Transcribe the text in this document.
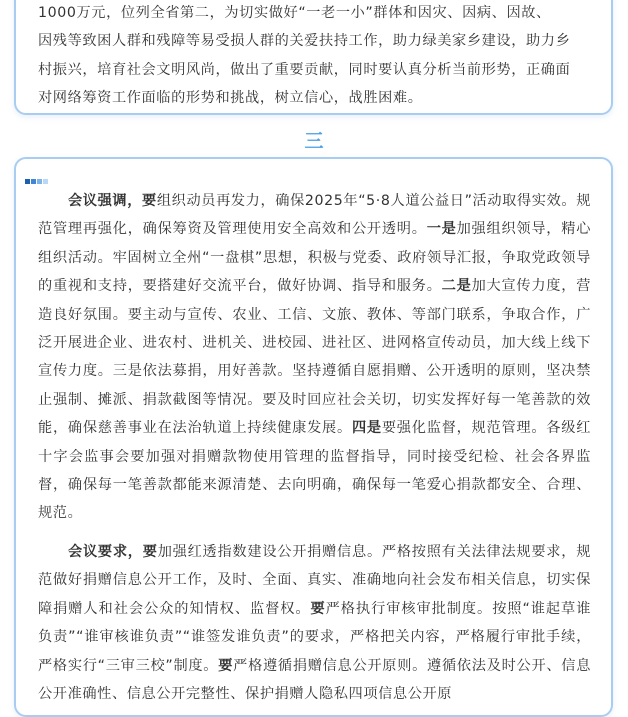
1000万元，位列全省第二，为切实做好“一老一小”群体和因灾、因病、因故、
因残等致困人群和残障等易受损人群的关爱扶持工作，助力绿美家乡建设，助力乡
村振兴，培育社会文明风尚，做出了重要贡献，同时要认真分析当前形势，正确面
对网络筹资工作面临的形势和挑战，树立信心，战胜困难。

三

会议强调，要组织动员再发力，确保2025年“5·8人道公益日”活动取得实效。规范管理再强化，确保筹资及管理使用安全高效和公开透明。一是加强组织领导，精心组织活动。牢固树立全州“一盘棋”思想，积极与党委、政府领导汇报，争取党政领导的重视和支持，要搭建好交流平台，做好协调、指导和服务。二是加大宣传力度，营造良好氛围。要主动与宣传、农业、工信、文旅、教体、等部门联系，争取合作，广泛开展进企业、进农村、进机关、进校园、进社区、进网格宣传动员，加大线上线下宣传力度。三是依法募捐，用好善款。坚持遵循自愿捐赠、公开透明的原则，坚决禁止强制、摊派、捐款截图等情况。要及时回应社会关切，切实发挥好每一笔善款的效能，确保慈善事业在法治轨道上持续健康发展。四是要强化监督，规范管理。各级红十字会监事会要加强对捐赠款物使用管理的监督指导，同时接受纪检、社会各界监督，确保每一笔善款都能来源清楚、去向明确，确保每一笔爱心捐款都安全、合理、规范。

会议要求，要加强红透指数建设公开捐赠信息。严格按照有关法律法规要求，规范做好捐赠信息公开工作，及时、全面、真实、准确地向社会发布相关信息，切实保障捐赠人和社会公众的知情权、监督权。要严格执行审核审批制度。按照“谁起草谁负责”“谁审核谁负责”“谁签发谁负责”的要求，严格把关内容，严格履行审批手续，严格实行“三审三校”制度。要严格遵循捐赠信息公开原则。遵循依法及时公开、信息公开准确性、信息公开完整性、保护捐赠人隐私四项信息公开原
